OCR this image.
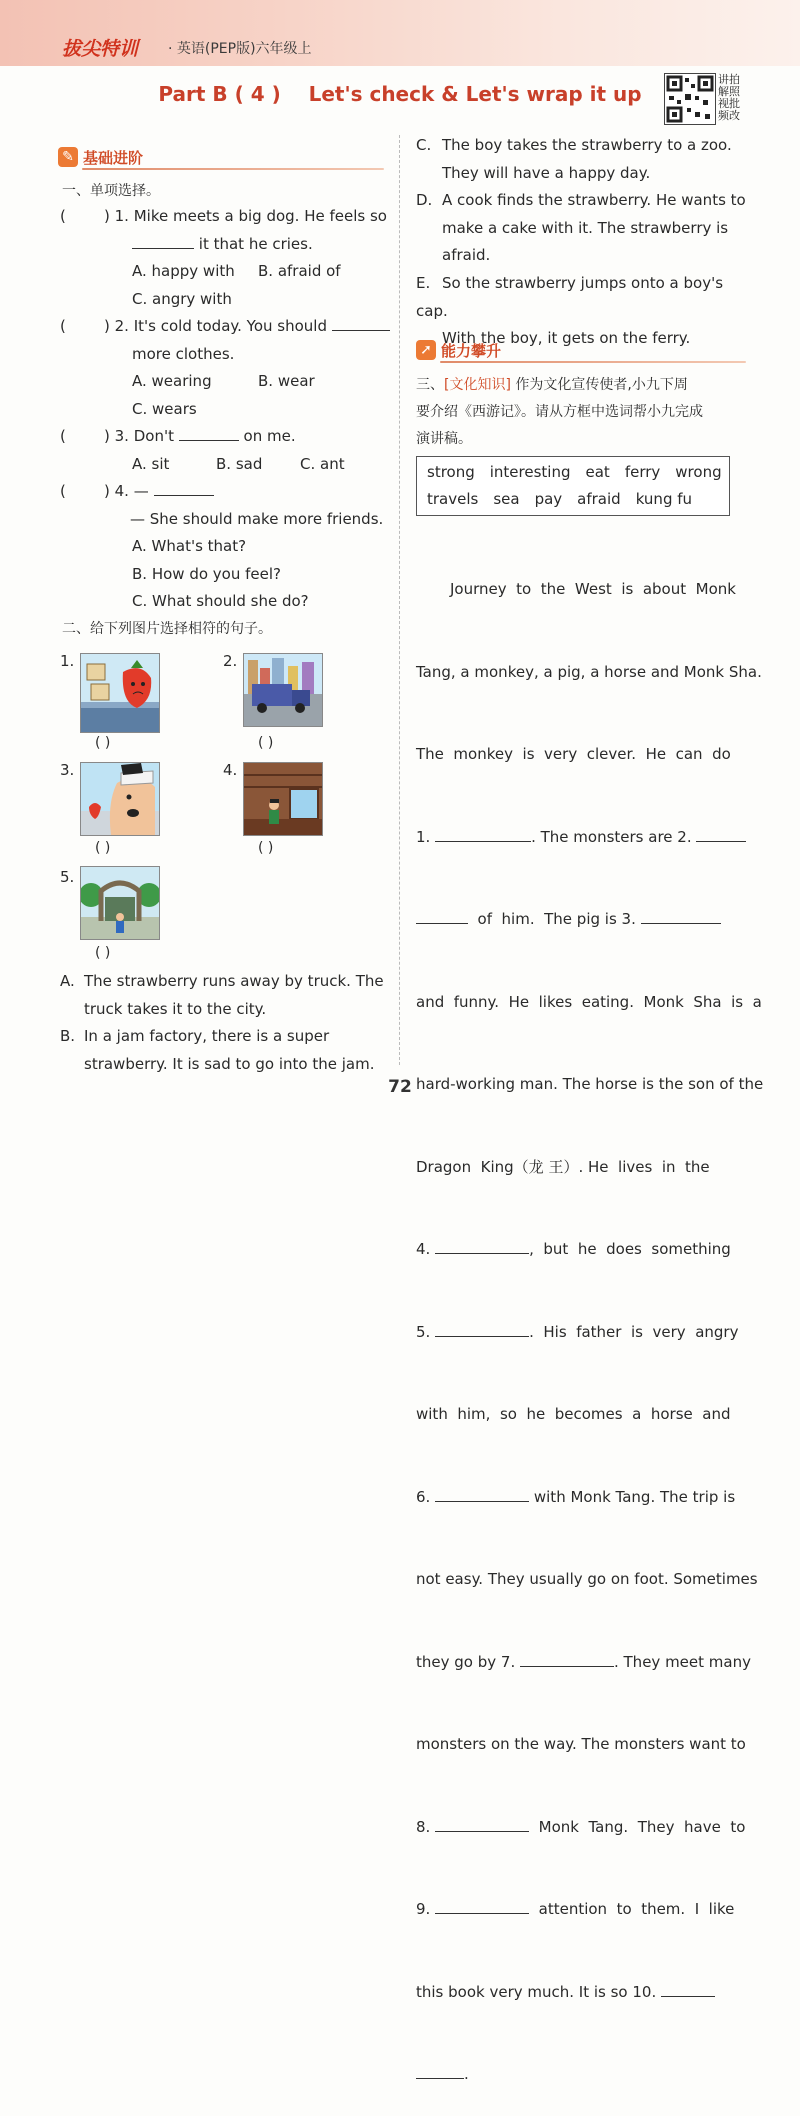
拔尖特训 · 英语(PEP版)六年级上
Part B ( 4 )    Let's check & Let's wrap it up
讲拍
解照
视批
频改
✎ 基础进阶
一、单项选择。
(        ) 1. Mike meets a big dog. He feels so
it that he cries.
A. happy with B. afraid of
C. angry with
(        ) 2. It's cold today. You should
more clothes.
A. wearing	B. wear
C. wears
(        ) 3. Don't	on me.
A. sit	B. sad	C. ant
(        ) 4. —
— She should make more friends.
A. What's that?
B. How do you feel?
C. What should she do?
二、给下列图片选择相符的句子。
1.
( )
2.
( )
3.
( )
4.
( )
5.
( )
A. The strawberry runs away by truck. The
truck takes it to the city.
B. In a jam factory, there is a super
strawberry. It is sad to go into the jam.
C. The boy takes the strawberry to a zoo.
They will have a happy day.
D. A cook finds the strawberry. He wants to
make a cake with it. The strawberry is
afraid.
E. So the strawberry jumps onto a boy's cap.
With the boy, it gets on the ferry.
➚ 能力攀升
三、[文化知识] 作为文化宣传使者,小九下周
要介绍《西游记》。请从方框中选词帮小九完成
演讲稿。
strong interesting eat ferry wrong
travels sea pay afraid kung fu

Journey  to  the  West  is  about  Monk

Tang, a monkey, a pig, a horse and Monk Sha.

The  monkey  is  very  clever.  He  can  do

1.	. The monsters are 2.

of  him.  The pig is 3.

and  funny.  He  likes  eating.  Monk  Sha  is  a

hard-working man. The horse is the son of the

Dragon  King（龙 王）. He  lives  in  the

4.	,  but  he  does  something

5.	.  His  father  is  very  angry

with  him,  so  he  becomes  a  horse  and

6.	with Monk Tang. The trip is

not easy. They usually go on foot. Sometimes

they go by 7.	. They meet many

monsters on the way. The monsters want to

8.	Monk  Tang.  They  have  to

9.	attention  to  them.  I  like

this book very much. It is so 10.

.

72
